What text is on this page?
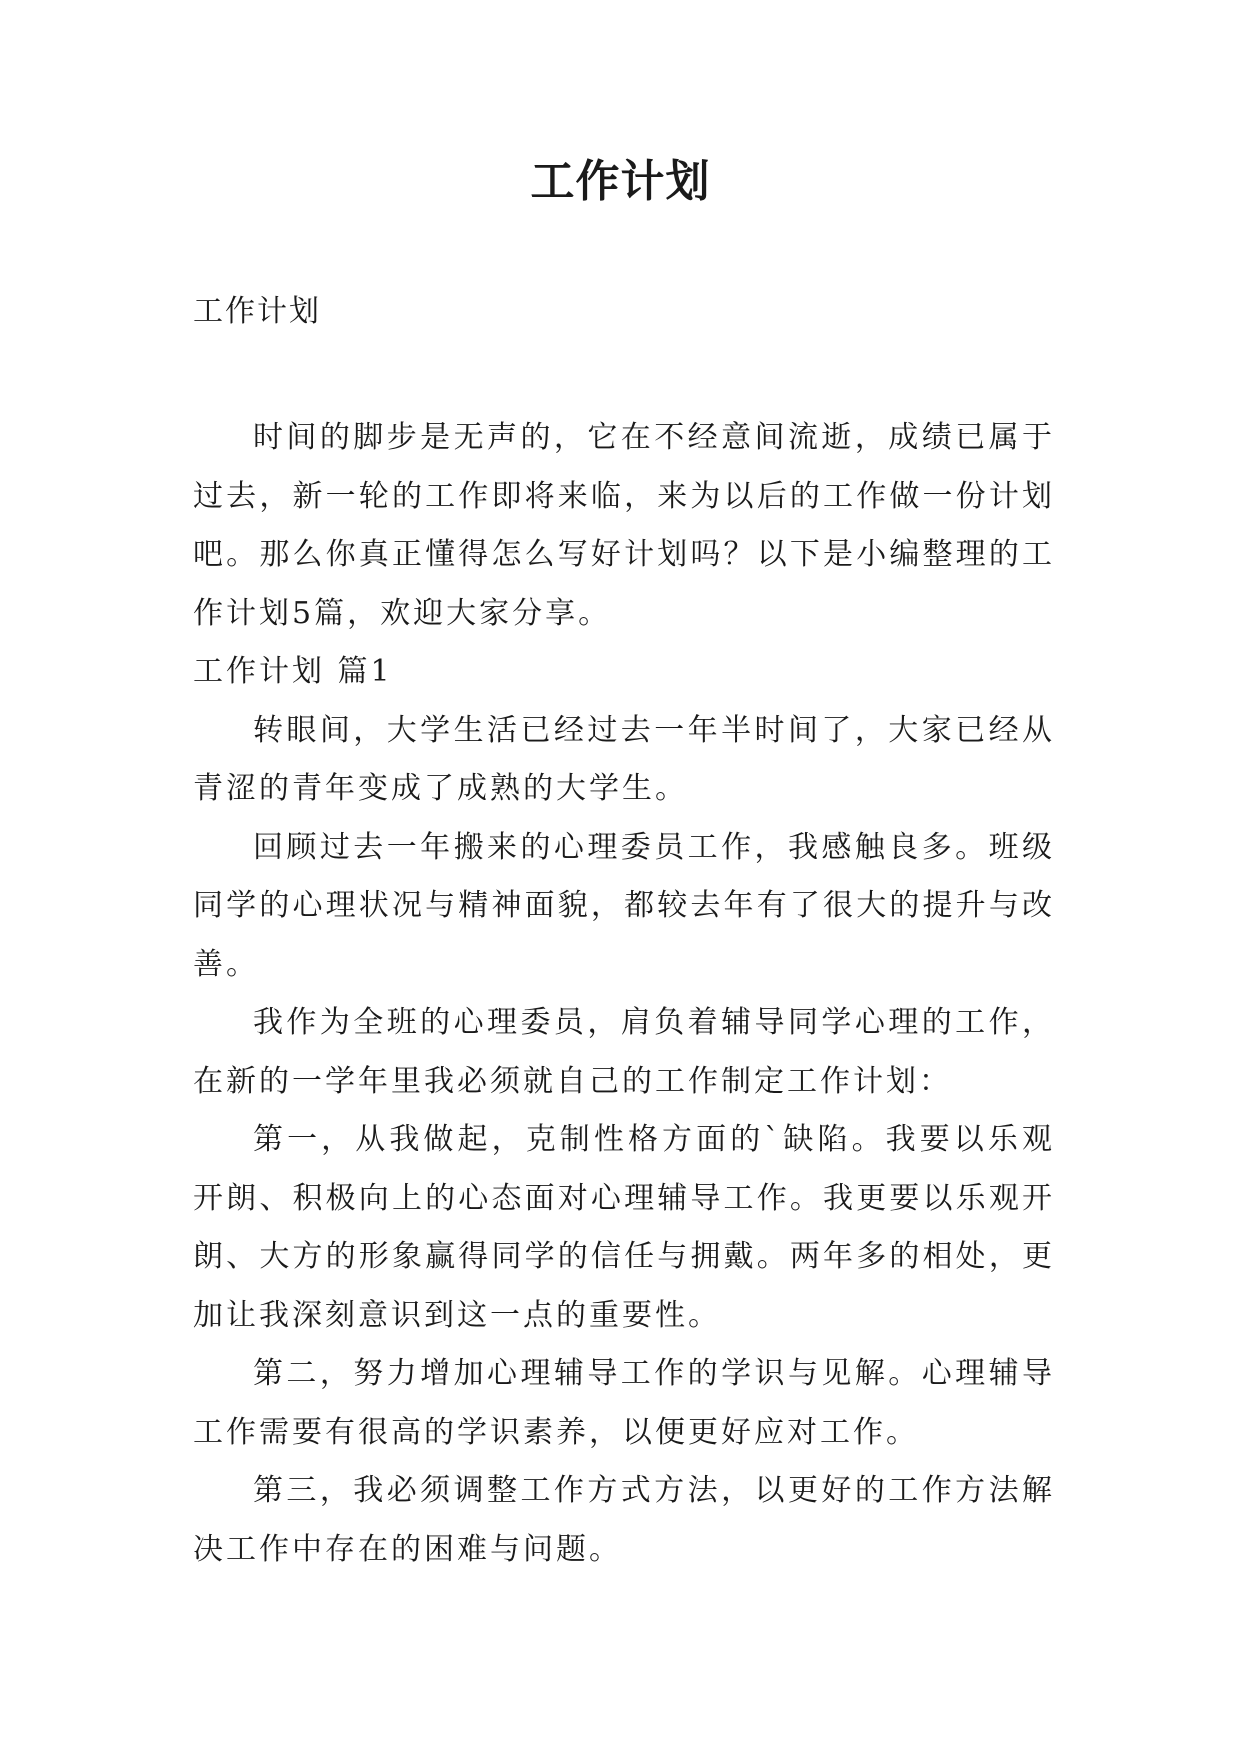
工作计划

工作计划

时间的脚步是无声的，它在不经意间流逝，成绩已属于过去，新一轮的工作即将来临，来为以后的工作做一份计划吧。那么你真正懂得怎么写好计划吗？以下是小编整理的工作计划5篇，欢迎大家分享。

工作计划 篇1

转眼间，大学生活已经过去一年半时间了，大家已经从青涩的青年变成了成熟的大学生。

回顾过去一年搬来的心理委员工作，我感触良多。班级同学的心理状况与精神面貌，都较去年有了很大的提升与改善。

我作为全班的心理委员，肩负着辅导同学心理的工作，在新的一学年里我必须就自己的工作制定工作计划：

第一，从我做起，克制性格方面的`缺陷。我要以乐观开朗、积极向上的心态面对心理辅导工作。我更要以乐观开朗、大方的形象赢得同学的信任与拥戴。两年多的相处，更加让我深刻意识到这一点的重要性。

第二，努力增加心理辅导工作的学识与见解。心理辅导工作需要有很高的学识素养，以便更好应对工作。

第三，我必须调整工作方式方法，以更好的工作方法解决工作中存在的困难与问题。
